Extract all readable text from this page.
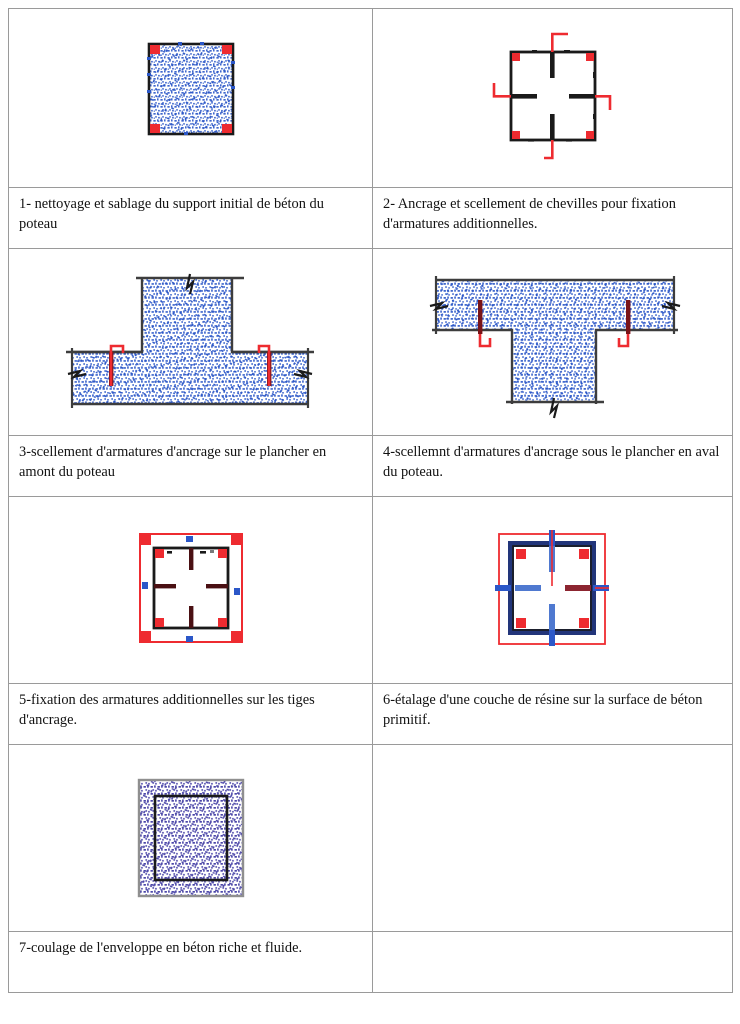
1- nettoyage et sablage du support initial de béton du poteau	2- Ancrage et scellement de chevilles pour fixation d'armatures additionnelles.

3-scellement d'armatures d'ancrage sur le plancher en amont du poteau	4-scellemnt d'armatures d'ancrage sous le plancher en aval du poteau.

5-fixation des armatures additionnelles sur les tiges d'ancrage.	6-étalage d'une couche de résine sur la surface de béton primitif.

7-coulage de l'enveloppe en béton riche et fluide.	
